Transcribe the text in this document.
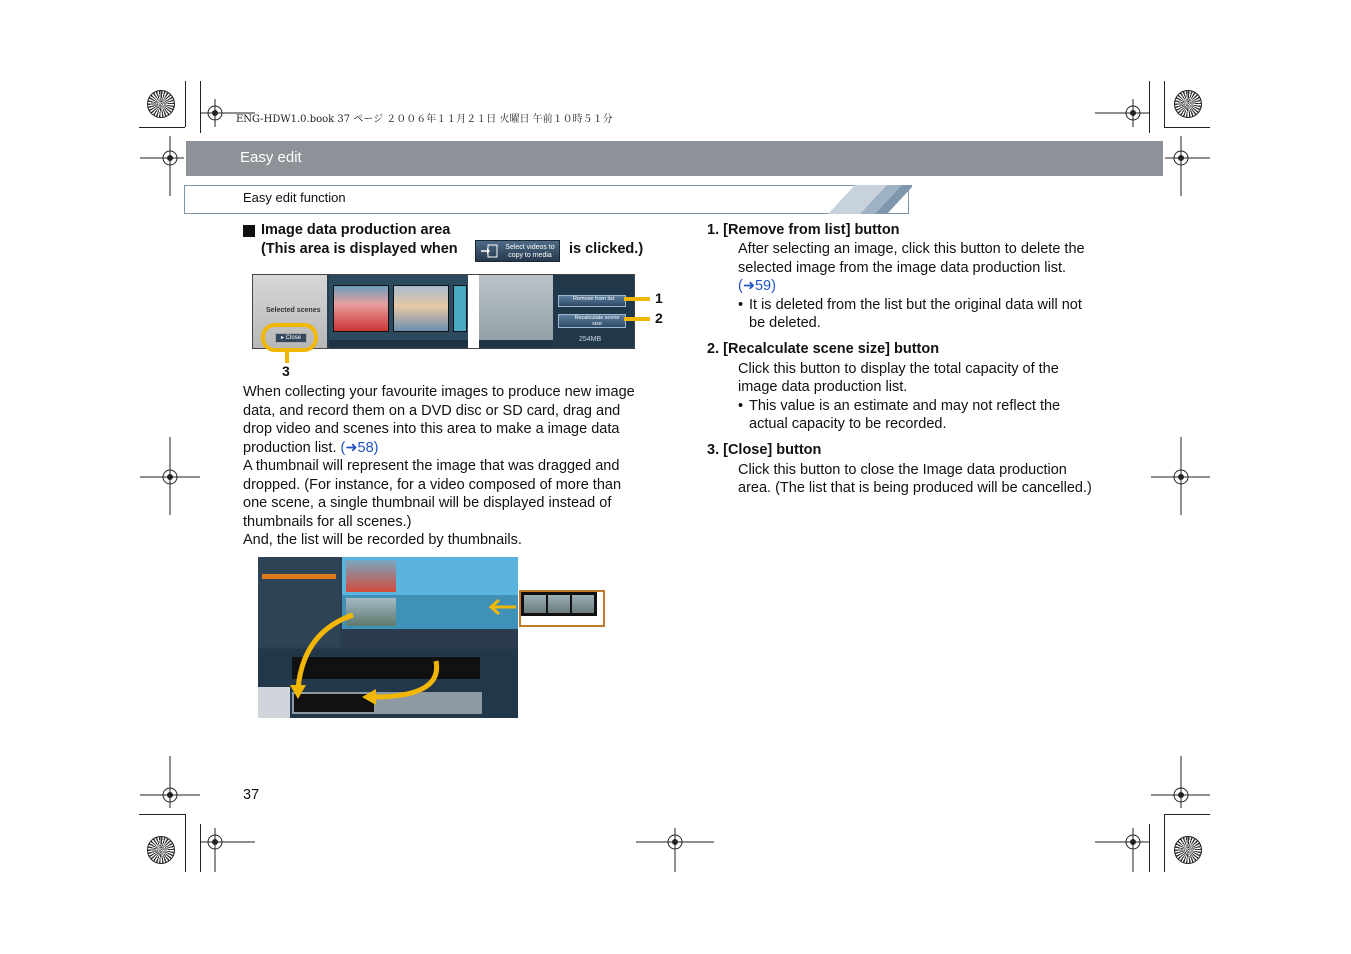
ENG-HDW1.0.book 37 ページ ２００６年１１月２１日 火曜日 午前１０時５１分
Easy edit
Easy edit function
Image data production area
(This area is displayed when	Select videos to copy to media	is clicked.)
Selected scenes
▸ Close
Remove from list
Recalculate scene size
254MB
1
2
3
When collecting your favourite images to produce new image
data, and record them on a DVD disc or SD card, drag and
drop video and scenes into this area to make a image data
production list. (➜58)
A thumbnail will represent the image that was dragged and
dropped. (For instance, for a video composed of more than
one scene, a single thumbnail will be displayed instead of
thumbnails for all scenes.)
And, the list will be recorded by thumbnails.
1. [Remove from list] button
After selecting an image, click this button to delete the
selected image from the image data production list.
(➜59)
• It is deleted from the list but the original data will not
be deleted.
2. [Recalculate scene size] button
Click this button to display the total capacity of the
image data production list.
• This value is an estimate and may not reflect the
actual capacity to be recorded.
3. [Close] button
Click this button to close the Image data production
area. (The list that is being produced will be cancelled.)
37
